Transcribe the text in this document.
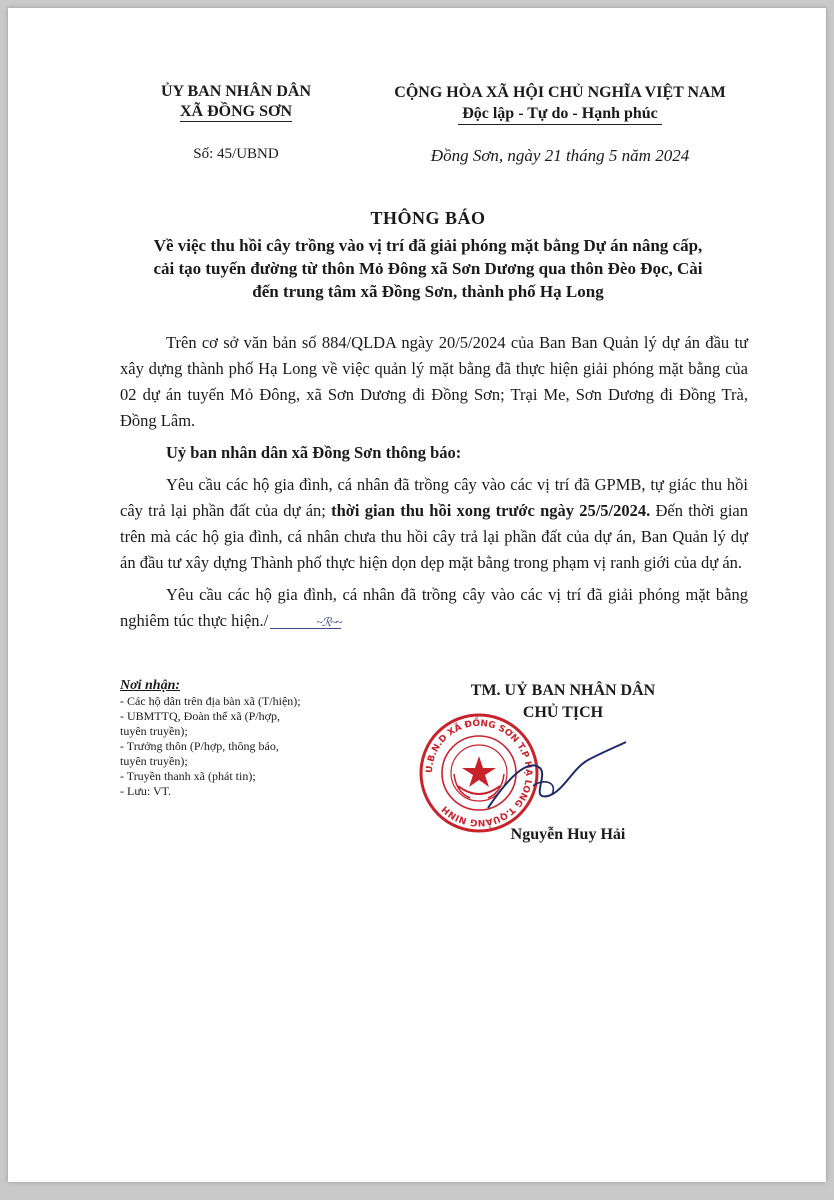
ỦY BAN NHÂN DÂN
XÃ ĐỒNG SƠN
Số: 45/UBND
CỘNG HÒA XÃ HỘI CHỦ NGHĨA VIỆT NAM
Độc lập - Tự do - Hạnh phúc
Đồng Sơn, ngày 21 tháng 5 năm 2024
THÔNG BÁO
Về việc thu hồi cây trồng vào vị trí đã giải phóng mặt bằng Dự án nâng cấp,
cải tạo tuyến đường từ thôn Mỏ Đông xã Sơn Dương qua thôn Đèo Đọc, Cài
đến trung tâm xã Đồng Sơn, thành phố Hạ Long

Trên cơ sở văn bản số 884/QLDA ngày 20/5/2024 của Ban Ban Quản lý dự án đầu tư xây dựng thành phố Hạ Long về việc quản lý mặt bằng đã thực hiện giải phóng mặt bằng của 02 dự án tuyến Mỏ Đông, xã Sơn Dương đi Đồng Sơn; Trại Me, Sơn Dương đi Đồng Trà, Đồng Lâm.

Uỷ ban nhân dân xã Đồng Sơn thông báo:

Yêu cầu các hộ gia đình, cá nhân đã trồng cây vào các vị trí đã GPMB, tự giác thu hồi cây trả lại phần đất của dự án; thời gian thu hồi xong trước ngày 25/5/2024. Đến thời gian trên mà các hộ gia đình, cá nhân chưa thu hồi cây trả lại phần đất của dự án, Ban Quản lý dự án đầu tư xây dựng Thành phố thực hiện dọn dẹp mặt bằng trong phạm vị ranh giới của dự án.

Yêu cầu các hộ gia đình, cá nhân đã trồng cây vào các vị trí đã giải phóng mặt bằng nghiêm túc thực hiện./	~ℛ~~

Nơi nhận:
- Các hộ dân trên địa bàn xã (T/hiện);
- UBMTTQ, Đoàn thể xã (P/hợp,
tuyên truyền);
- Trưởng thôn (P/hợp, thông báo,
tuyên truyền);
- Truyền thanh xã (phát tin);
- Lưu: VT.
TM. UỶ BAN NHÂN DÂN
CHỦ TỊCH
U.B.N.D XÃ ĐỒNG SƠN T.P HẠ LONG T.QUẢNG NINH
Nguyễn Huy Hải
